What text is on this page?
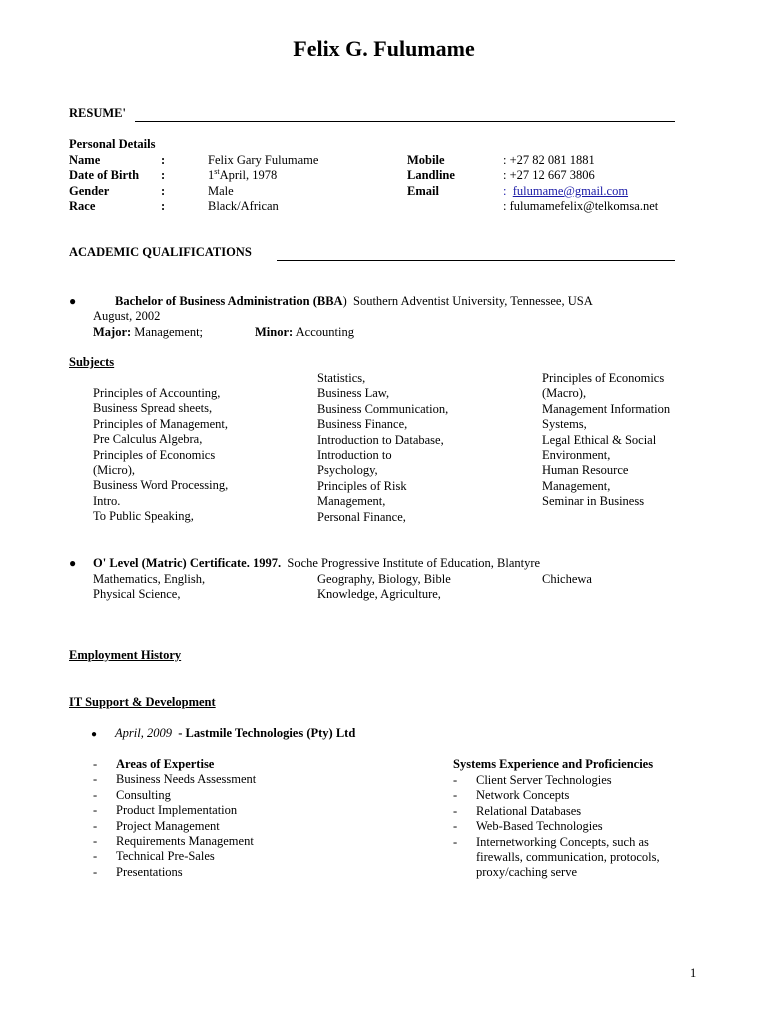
Felix G. Fulumame
RESUME'
Personal Details
Name
Date of Birth
Gender
Race
:
:
:
:
Felix Gary Fulumame
1stApril, 1978
Male
Black/African
Mobile
Landline
Email
: +27 82 081 1881
: +27 12 667 3806
: fulumame@gmail.com
: fulumamefelix@telkomsa.net
ACADEMIC QUALIFICATIONS
●	Bachelor of Business Administration (BBA) Southern Adventist University, Tennessee, USA
August, 2002
Major: Management;	Minor: Accounting
Subjects
Principles of Accounting,
Business Spread sheets,
Principles of Management,
Pre Calculus Algebra,
Principles of Economics
(Micro),
Business Word Processing,
Intro.
To Public Speaking,
Statistics,
Business Law,
Business Communication,
Business Finance,
Introduction to Database,
Introduction to
Psychology,
Principles of Risk
Management,
Personal Finance,
Principles of Economics
(Macro),
Management Information
Systems,
Legal Ethical & Social
Environment,
Human Resource
Management,
Seminar in Business
● O' Level (Matric) Certificate. 1997. Soche Progressive Institute of Education, Blantyre
Mathematics, English,
Physical Science,
Geography, Biology, Bible
Knowledge, Agriculture,
Chichewa
Employment History
IT Support & Development
● April, 2009 - Lastmile Technologies (Pty) Ltd
-
-
-
-
-
-
-
-
Areas of Expertise
Business Needs Assessment
Consulting
Product Implementation
Project Management
Requirements Management
Technical Pre-Sales
Presentations
Systems Experience and Proficiencies
-
-
-
-
-
Client Server Technologies
Network Concepts
Relational Databases
Web-Based Technologies
Internetworking Concepts, such as
firewalls, communication, protocols,
proxy/caching serve
1
